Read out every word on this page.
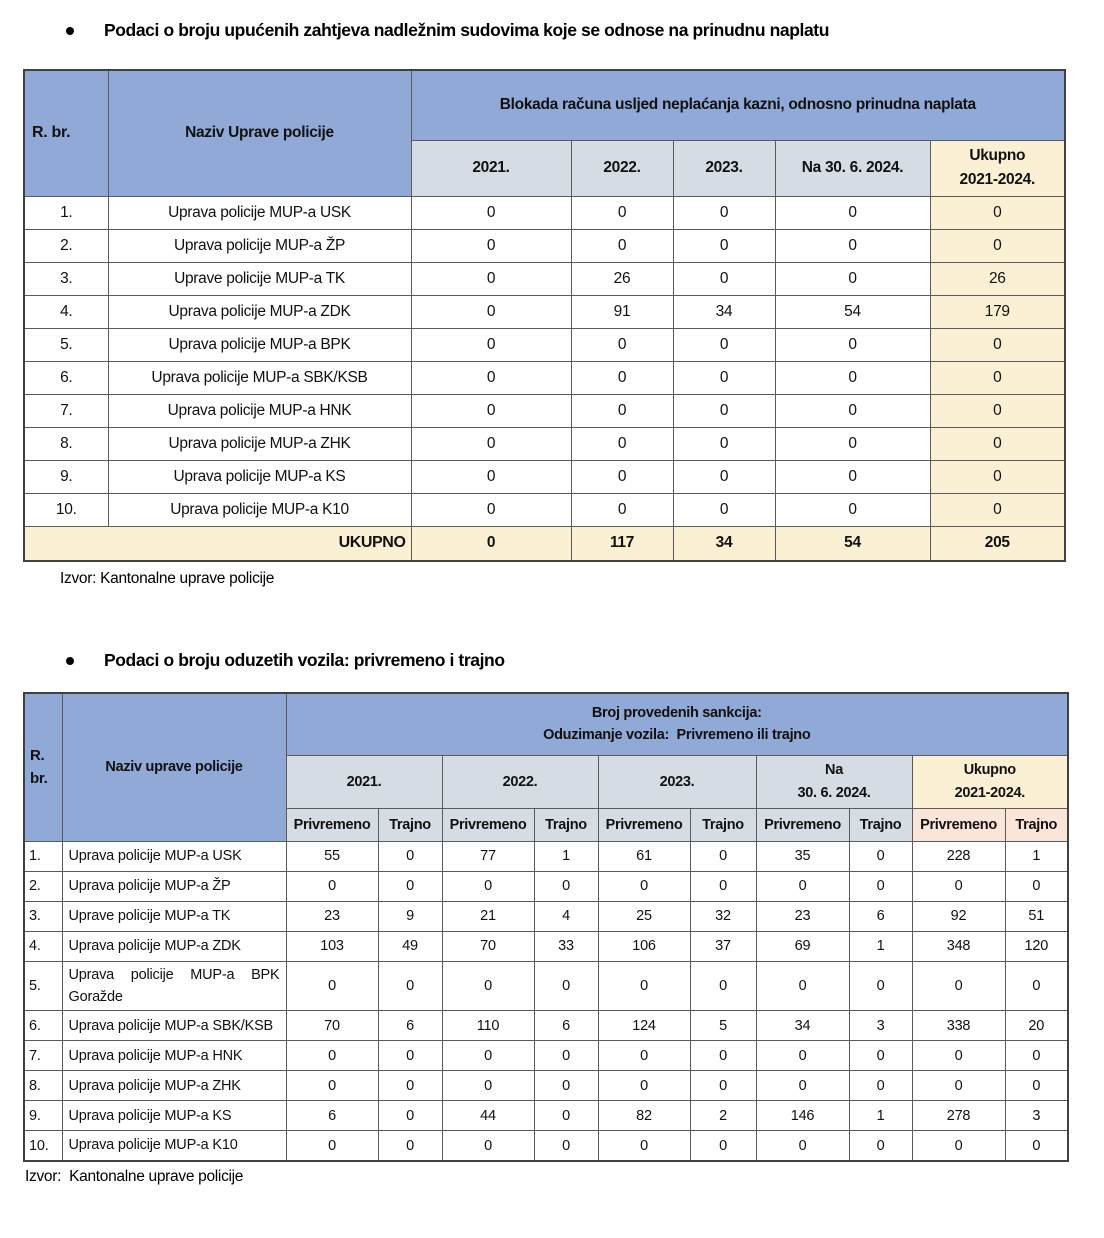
Podaci o broju upućenih zahtjeva nadležnim sudovima koje se odnose na prinudnu naplatu
R. br.	Naziv Uprave policije	Blokada računa usljed neplaćanja kazni, odnosno prinudna naplata				
		2021.	2022.	2023.	Na 30. 6. 2024.	Ukupno
2021-2024.

1.	Uprava policije MUP-a USK	0	0	0	0	0
2.	Uprava policije MUP-a ŽP	0	0	0	0	0
3.	Uprave policije MUP-a TK	0	26	0	0	26
4.	Uprava policije MUP-a ZDK	0	91	34	54	179
5.	Uprava policije MUP-a BPK	0	0	0	0	0
6.	Uprava policije MUP-a SBK/KSB	0	0	0	0	0
7.	Uprava policije MUP-a HNK	0	0	0	0	0
8.	Uprava policije MUP-a ZHK	0	0	0	0	0
9.	Uprava policije MUP-a KS	0	0	0	0	0
10.	Uprava policije MUP-a K10	0	0	0	0	0
UKUPNO		0	117	34	54	205
Izvor: Kantonalne uprave policije
Podaci o broju oduzetih vozila: privremeno i trajno
R.
br.
	Naziv uprave policije	
Broj provedenih sankcija:
Oduzimanje vozila:  Privremeno ili trajno

2021.	2022.	2023.	
Na
30. 6. 2024.

Ukupno
2021-2024.

		Privremeno	Trajno	Privremeno	Trajno	Privremeno	Trajno	Privremeno	Trajno	Privremeno	Trajno
1.	Uprava policije MUP-a USK	55	0	77	1	61	0	35	0	228	1
2.	Uprava policije MUP-a ŽP	0	0	0	0	0	0	0	0	0	0
3.	Uprave policije MUP-a TK	23	9	21	4	25	32	23	6	92	51
4.	Uprava policije MUP-a ZDK	103	49	70	33	106	37	69	1	348	120
5.	Uprava policije MUP-a BPK Goražde	0	0	0	0	0	0	0	0	0	0
6.	Uprava policije MUP-a SBK/KSB	70	6	110	6	124	5	34	3	338	20
7.	Uprava policije MUP-a HNK	0	0	0	0	0	0	0	0	0	0
8.	Uprava policije MUP-a ZHK	0	0	0	0	0	0	0	0	0	0
9.	Uprava policije MUP-a KS	6	0	44	0	82	2	146	1	278	3
10.	Uprava policije MUP-a K10	0	0	0	0	0	0	0	0	0	0
Izvor:  Kantonalne uprave policije
